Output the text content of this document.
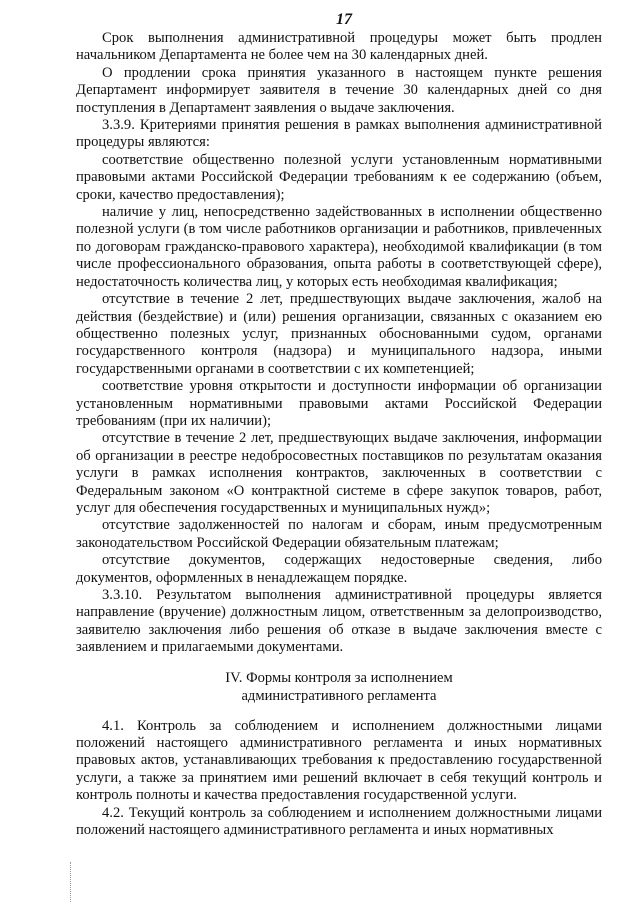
17

Срок выполнения административной процедуры может быть продлен начальником Департамента не более чем на 30 календарных дней.

О продлении срока принятия указанного в настоящем пункте решения Департамент информирует заявителя в течение 30 календарных дней со дня поступления в Департамент заявления о выдаче заключения.

3.3.9. Критериями принятия решения в рамках выполнения административной процедуры являются:

соответствие общественно полезной услуги установленным нормативными правовыми актами Российской Федерации требованиям к ее содержанию (объем, сроки, качество предоставления);

наличие у лиц, непосредственно задействованных в исполнении общественно полезной услуги (в том числе работников организации и работников, привлеченных по договорам гражданско-правового характера), необходимой квалификации (в том числе профессионального образования, опыта работы в соответствующей сфере), недостаточность количества лиц, у которых есть необходимая квалификация;

отсутствие в течение 2 лет, предшествующих выдаче заключения, жалоб на действия (бездействие) и (или) решения организации, связанных с оказанием ею общественно полезных услуг, признанных обоснованными судом, органами государственного контроля (надзора) и муниципального надзора, иными государственными органами в соответствии с их компетенцией;

соответствие уровня открытости и доступности информации об организации установленным нормативными правовыми актами Российской Федерации требованиям (при их наличии);

отсутствие в течение 2 лет, предшествующих выдаче заключения, информации об организации в реестре недобросовестных поставщиков по результатам оказания услуги в рамках исполнения контрактов, заключенных в соответствии с Федеральным законом «О контрактной системе в сфере закупок товаров, работ, услуг для обеспечения государственных и муниципальных нужд»;

отсутствие задолженностей по налогам и сборам, иным предусмотренным законодательством Российской Федерации обязательным платежам;

отсутствие документов, содержащих недостоверные сведения, либо документов, оформленных в ненадлежащем порядке.

3.3.10. Результатом выполнения административной процедуры является направление (вручение) должностным лицом, ответственным за делопроизводство, заявителю заключения либо решения об отказе в выдаче заключения вместе с заявлением и прилагаемыми документами.

IV. Формы контроля за исполнением
административного регламента

4.1. Контроль за соблюдением и исполнением должностными лицами положений настоящего административного регламента и иных нормативных правовых актов, устанавливающих требования к предоставлению государственной услуги, а также за принятием ими решений включает в себя текущий контроль и контроль полноты и качества предоставления государственной услуги.

4.2. Текущий контроль за соблюдением и исполнением должностными лицами положений настоящего административного регламента и иных нормативных
